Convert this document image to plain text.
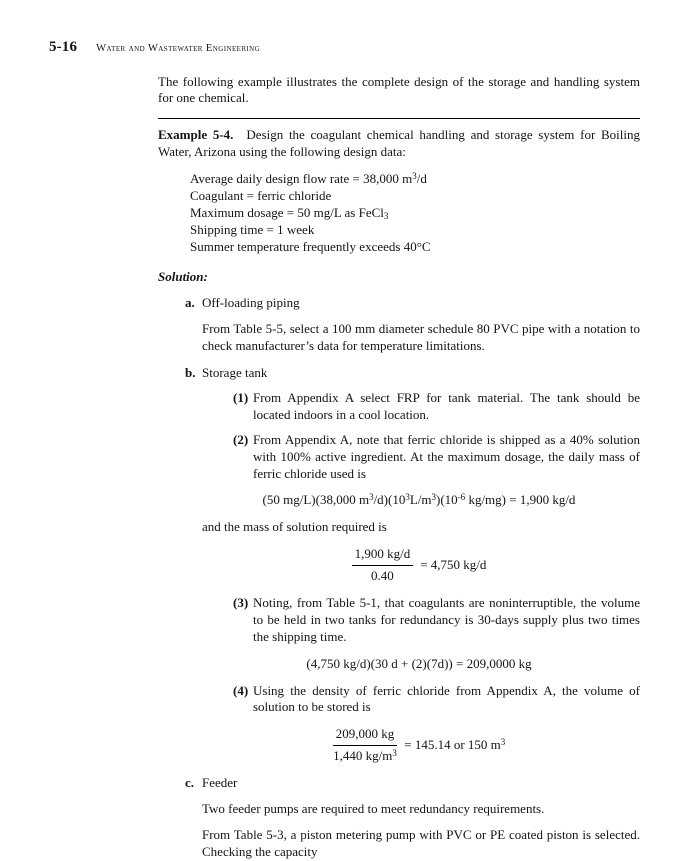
5-16 Water and Wastewater Engineering

The following example illustrates the complete design of the storage and handling system for one chemical.

Example 5-4. Design the coagulant chemical handling and storage system for Boiling Water, Arizona using the following design data:

Average daily design flow rate = 38,000 $m^3/d$

Coagulant = ferric chloride

Maximum dosage = 50 mg/L as FeCl$_3$

Shipping time = 1 week

Summer temperature frequently exceeds 40°C

Solution:

a. Off-loading piping

From Table 5-5, select a 100 mm diameter schedule 80 PVC pipe with a notation to check manufacturer’s data for temperature limitations.

b. Storage tank
(1) From Appendix A select FRP for tank material. The tank should be located indoors in a cool location.
(2) From Appendix A, note that ferric chloride is shipped as a 40% solution with 100% active ingredient. At the maximum dosage, the daily mass of ferric chloride used is
(50 mg/L)(38,000 $m^3/d)(10^3L/m^3)(10^{-6}$ kg/mg) = 1,900 kg/d

and the mass of solution required is

$\frac{1,900 kg/d}{0.40} = 4,750$ kg/d
(3) Noting, from Table 5-1, that coagulants are noninterruptible, the volume to be held in two tanks for redundancy is 30-days supply plus two times the shipping time.
(4,750 kg/d)(30 d + (2)(7d)) = 209,0000 kg
(4) Using the density of ferric chloride from Appendix A, the volume of solution to be stored is
$\frac{209,000 kg}{1,440 kg/m^3} = 145.14$ or 150 $m^3$
c. Feeder

Two feeder pumps are required to meet redundancy requirements.

From Table 5-3, a piston metering pump with PVC or PE coated piston is selected. Checking the capacity
